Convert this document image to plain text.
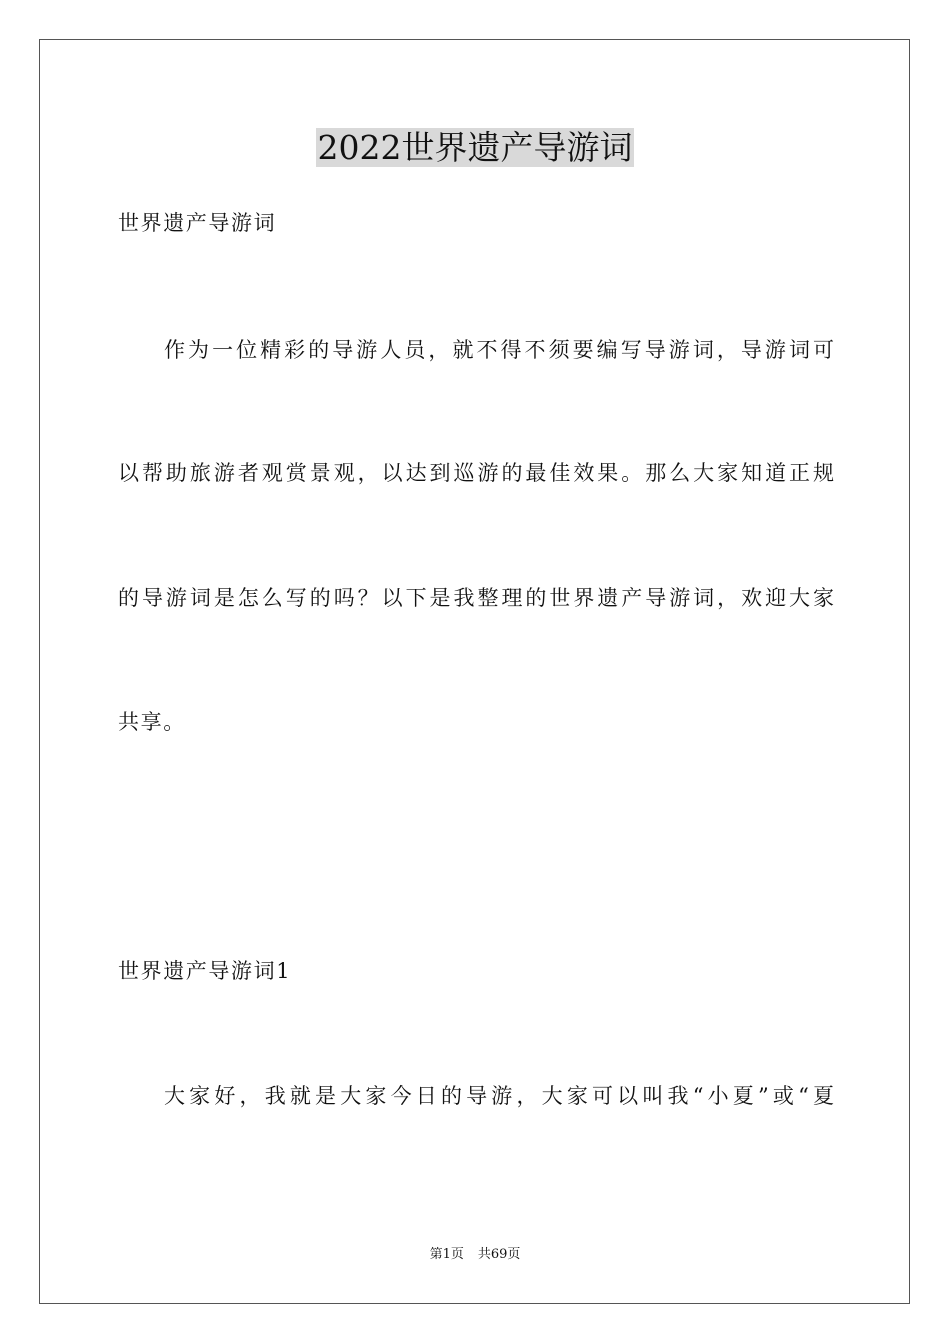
2022世界遗产导游词
世界遗产导游词
作为一位精彩的导游人员，就不得不须要编写导游词，导游词可
以帮助旅游者观赏景观，以达到巡游的最佳效果。那么大家知道正规
的导游词是怎么写的吗？以下是我整理的世界遗产导游词，欢迎大家
共享。
世界遗产导游词1
大家好，我就是大家今日的导游，大家可以叫我“小夏”或“夏
第1页 共69页
